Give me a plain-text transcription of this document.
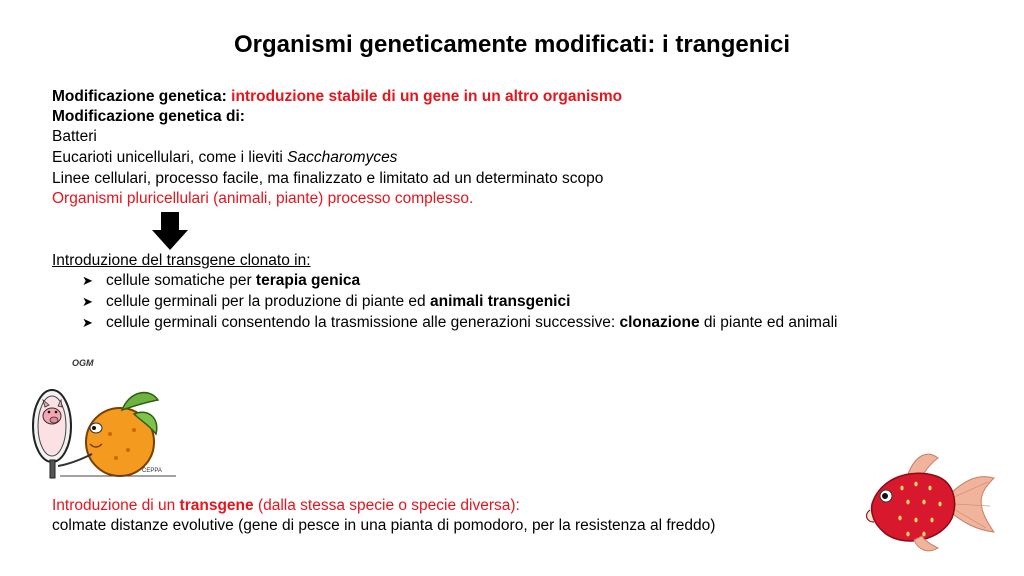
Organismi geneticamente modificati: i trangenici
Modificazione genetica: introduzione stabile di un gene in un altro organismo
Modificazione genetica di:
Batteri
Eucarioti unicellulari, come i lieviti Saccharomyces
Linee cellulari, processo facile, ma finalizzato e limitato ad un determinato scopo
Organismi pluricellulari (animali, piante) processo complesso.
Introduzione del transgene clonato in:
➤ cellule somatiche per terapia genica
➤ cellule germinali per la produzione di piante ed animali transgenici
➤ cellule germinali consentendo la trasmissione alle generazioni successive: clonazione di piante ed animali
OGM
CEPPA
Introduzione di un transgene (dalla stessa specie o specie diversa):
colmate distanze evolutive (gene di pesce in una pianta di pomodoro, per la resistenza al freddo)
